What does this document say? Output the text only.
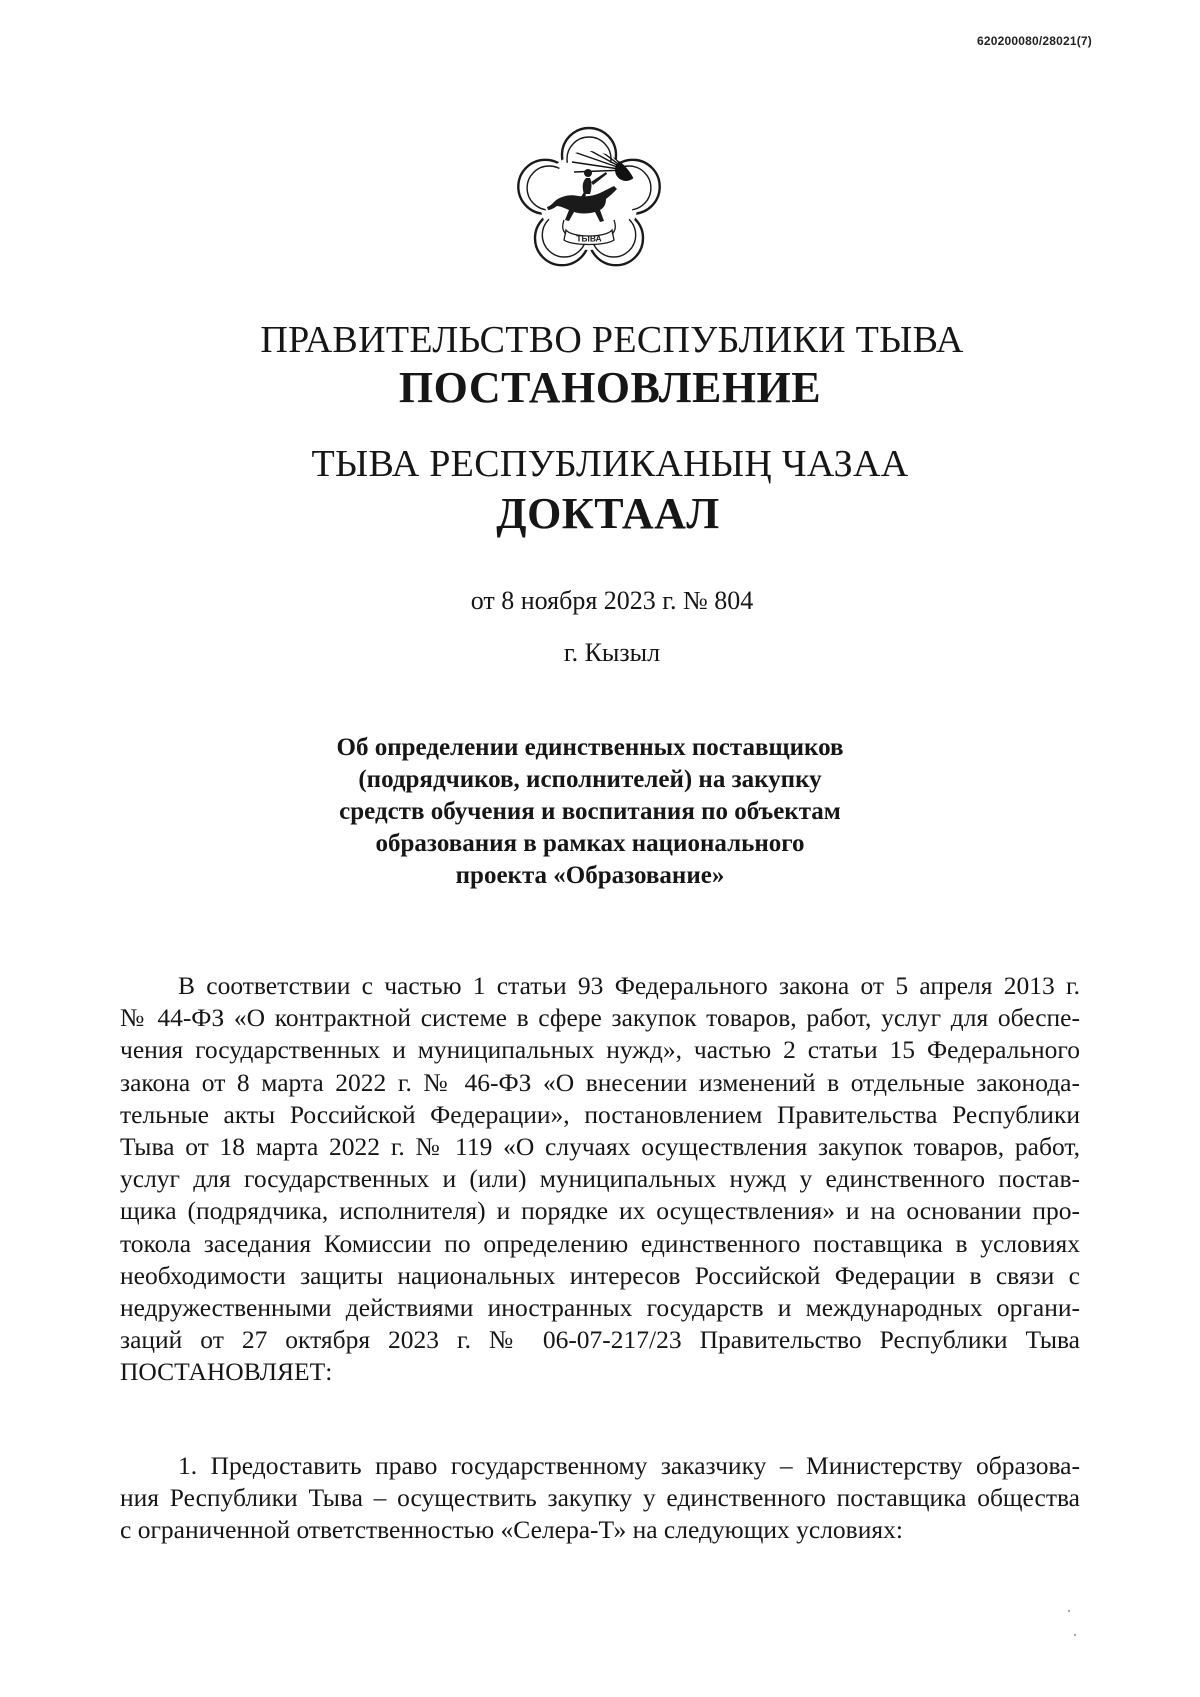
620200080/28021(7)
ТЫВА
ПРАВИТЕЛЬСТВО РЕСПУБЛИКИ ТЫВА
ПОСТАНОВЛЕНИЕ
ТЫВА РЕСПУБЛИКАНЫҢ ЧАЗАА
ДОКТААЛ
от 8 ноября 2023 г. № 804
г. Кызыл
Об определении единственных поставщиков
(подрядчиков, исполнителей) на закупку
средств обучения и воспитания по объектам
образования в рамках национального
проекта «Образование»
В соответствии с частью 1 статьи 93 Федерального закона от 5 апреля 2013 г.
№ 44-ФЗ «О контрактной системе в сфере закупок товаров, работ, услуг для обеспе-
чения государственных и муниципальных нужд», частью 2 статьи 15 Федерального
закона от 8 марта 2022 г. № 46-ФЗ «О внесении изменений в отдельные законода-
тельные акты Российской Федерации», постановлением Правительства Республики
Тыва от 18 марта 2022 г. № 119 «О случаях осуществления закупок товаров, работ,
услуг для государственных и (или) муниципальных нужд у единственного постав-
щика (подрядчика, исполнителя) и порядке их осуществления» и на основании про-
токола заседания Комиссии по определению единственного поставщика в условиях
необходимости защиты национальных интересов Российской Федерации в связи с
недружественными действиями иностранных государств и международных органи-
заций от 27 октября 2023 г. № 06-07-217/23 Правительство Республики Тыва
ПОСТАНОВЛЯЕТ:
1. Предоставить право государственному заказчику – Министерству образова-
ния Республики Тыва – осуществить закупку у единственного поставщика общества
с ограниченной ответственностью «Селера-Т» на следующих условиях:
